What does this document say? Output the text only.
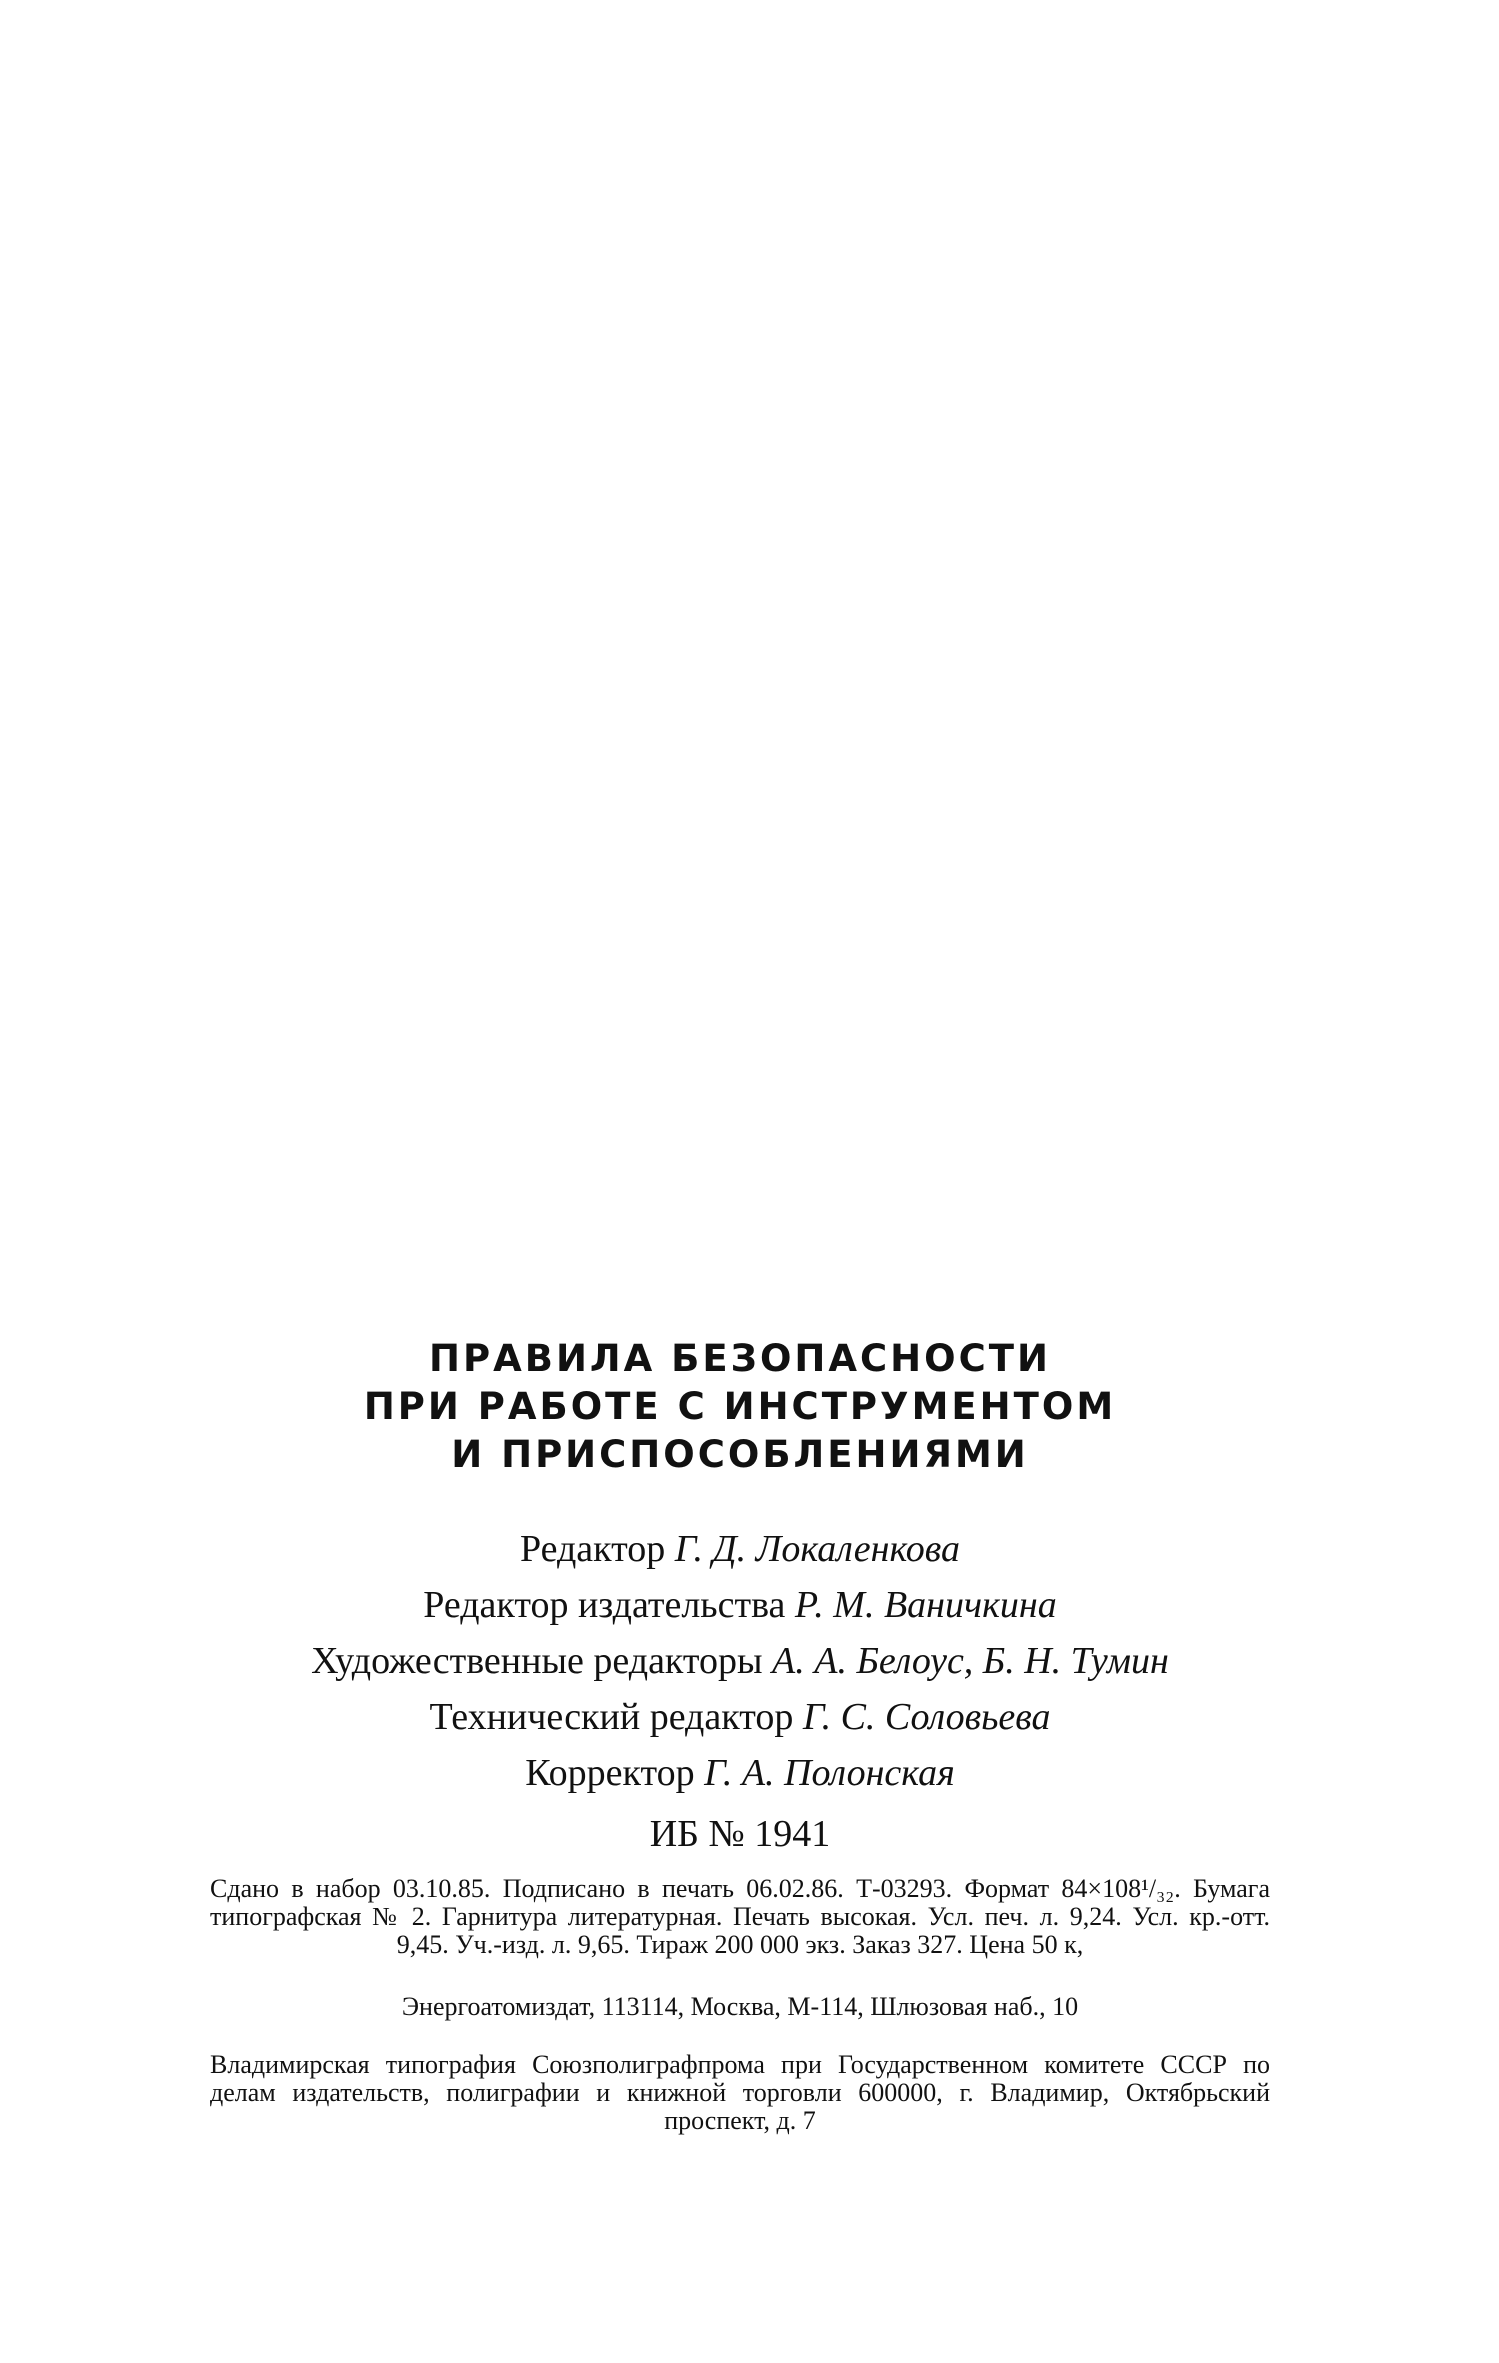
ПРАВИЛА БЕЗОПАСНОСТИ
ПРИ РАБОТЕ С ИНСТРУМЕНТОМ
И ПРИСПОСОБЛЕНИЯМИ
Редактор Г. Д. Локаленкова
Редактор издательства Р. М. Ваничкина
Художественные редакторы А. А. Белоус, Б. Н. Тумин
Технический редактор Г. С. Соловьева
Корректор Г. А. Полонская
ИБ № 1941
Сдано в набор 03.10.85. Подписано в печать 06.02.86. Т-03293. Формат 84×108¹/₃₂. Бумага типографская № 2. Гарнитура литературная. Печать высокая. Усл. печ. л. 9,24. Усл. кр.-отт. 9,45. Уч.-изд. л. 9,65. Тираж 200 000 экз. Заказ 327. Цена 50 к,
Энергоатомиздат, 113114, Москва, М-114, Шлюзовая наб., 10
Владимирская типография Союзполиграфпрома при Государственном комитете СССР по делам издательств, полиграфии и книжной торговли 600000, г. Владимир, Октябрьский проспект, д. 7
